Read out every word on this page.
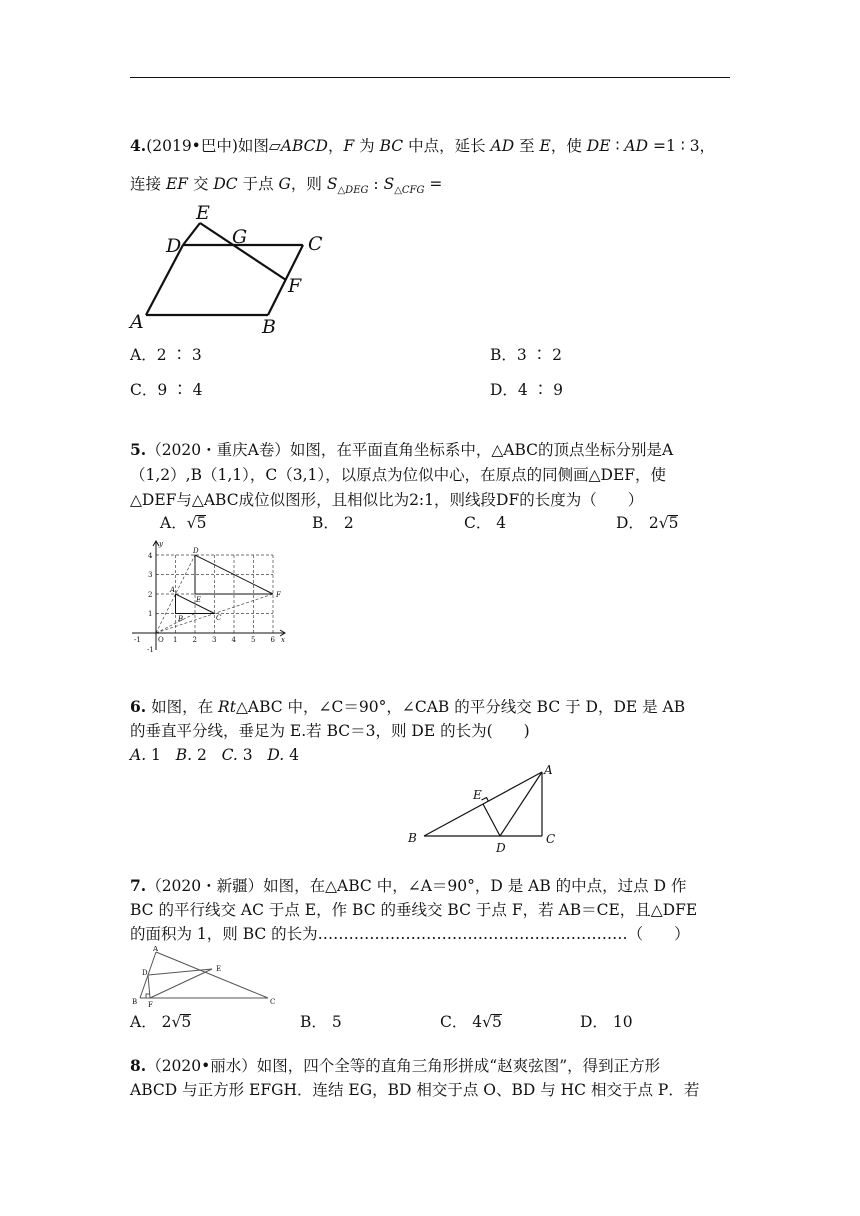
4.(2019•巴中)如图▱ABCD，F 为 BC 中点，延长 AD 至 E，使 DE ∶ AD =1 ∶ 3，
连接 EF 交 DC 于点 G，则 $S_{\triangle DEG}$ : $S_{\triangle CFG}$ =
E
D	G	C
F
A	B
A．2 ∶ 3	B．3 ∶ 2
C．9 ∶ 4	D．4 ∶ 9
5.（2020・重庆A卷）如图，在平面直角坐标系中，△ABC的顶点坐标分别是A
（1,2）,B（1,1），C（3,1），以原点为位似中心，在原点的同侧画△DEF，使
△DEF与△ABC成位似图形，且相似比为2:1，则线段DF的长度为（　　）
A．√5	B． 2	C． 4	D． 2√5
O
-1	1 2 3 4 5 6 x
1
2
3
4
-1
y
A
B	C
D
E
F
6. 如图，在 Rt△ABC 中，∠C＝90°，∠CAB 的平分线交 BC 于 D，DE 是 AB
的垂直平分线，垂足为 E.若 BC＝3，则 DE 的长为(　　)
A. 1 B. 2 C. 3 D. 4
A
E
B
D
C
7.（2020・新疆）如图，在△ABC 中，∠A＝90°，D 是 AB 的中点，过点 D 作
BC 的平行线交 AC 于点 E，作 BC 的垂线交 BC 于点 F，若 AB＝CE，且△DFE
的面积为 1，则 BC 的长为……………………………………………………（　　）
A
D	E
B F	C
A． 2√5	B． 5	C． 4√5	D． 10
8.（2020•丽水）如图，四个全等的直角三角形拼成“赵爽弦图”，得到正方形
ABCD 与正方形 EFGH．连结 EG，BD 相交于点 O、BD 与 HC 相交于点 P．若
